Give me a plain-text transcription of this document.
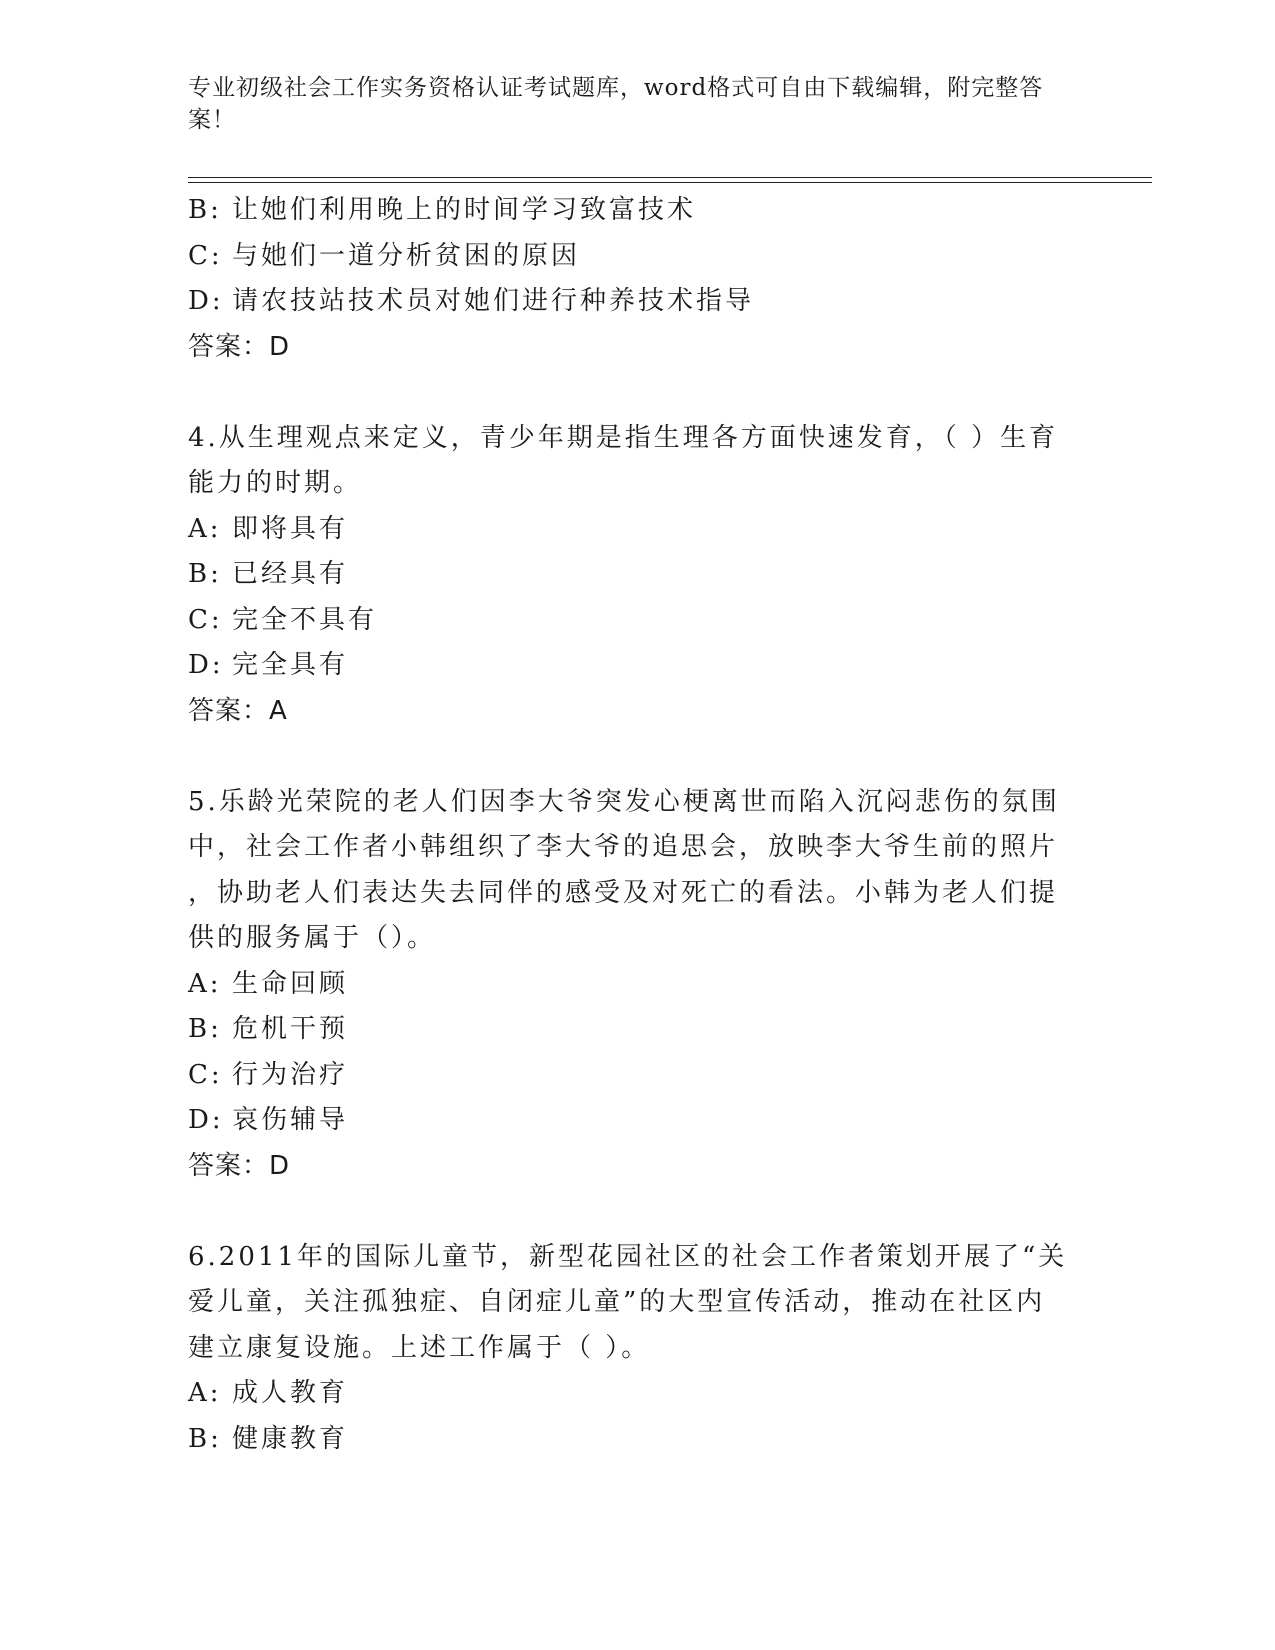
专业初级社会工作实务资格认证考试题库，word格式可自由下载编辑，附完整答
案！
B: 让她们利用晚上的时间学习致富技术
C: 与她们一道分析贫困的原因
D: 请农技站技术员对她们进行种养技术指导
答案：D
4.从生理观点来定义，青少年期是指生理各方面快速发育，（ ）生育
能力的时期。
A: 即将具有
B: 已经具有
C: 完全不具有
D: 完全具有
答案：A
5.乐龄光荣院的老人们因李大爷突发心梗离世而陷入沉闷悲伤的氛围
中，社会工作者小韩组织了李大爷的追思会，放映李大爷生前的照片
，协助老人们表达失去同伴的感受及对死亡的看法。小韩为老人们提
供的服务属于（）。
A: 生命回顾
B: 危机干预
C: 行为治疗
D: 哀伤辅导
答案：D
6.2011年的国际儿童节，新型花园社区的社会工作者策划开展了“关
爱儿童，关注孤独症、自闭症儿童”的大型宣传活动，推动在社区内
建立康复设施。上述工作属于（ ）。
A: 成人教育
B: 健康教育
